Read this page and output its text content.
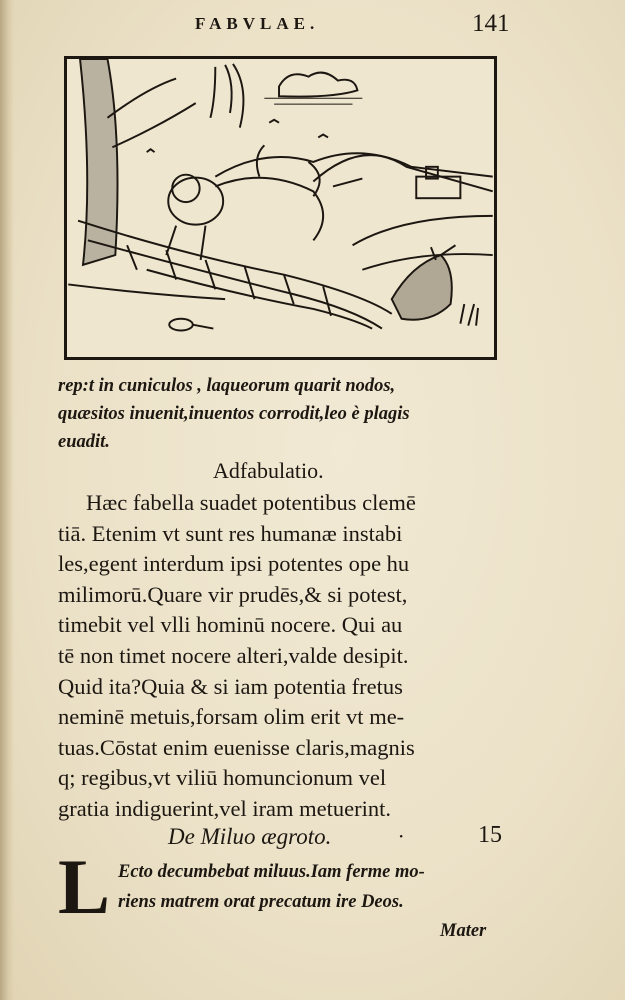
FABVLAE.	141
rep:t in cuniculos , laqueorum quarit nodos,
quæsitos inuenit,inuentos corrodit,leo è plagis
euadit.
Adfabulatio.
Hæc fabella suadet potentibus clemē
tiā. Etenim vt sunt res humanæ instabi
les,egent interdum ipsi potentes ope hu
milimorū.Quare vir prudēs,& si potest,
timebit vel vlli hominū nocere. Qui au
tē non timet nocere alteri,valde desipit.
Quid ita?Quia & si iam potentia fretus
neminē metuis,forsam olim erit vt me-
tuas.Cōstat enim euenisse claris,magnis
q; regibus,vt viliū homuncionum vel
gratia indiguerint,vel iram metuerint.
De Miluo ægroto.	·	15
L Ecto decumbebat miluus.Iam ferme mo-
riens matrem orat precatum ire Deos.
Mater
